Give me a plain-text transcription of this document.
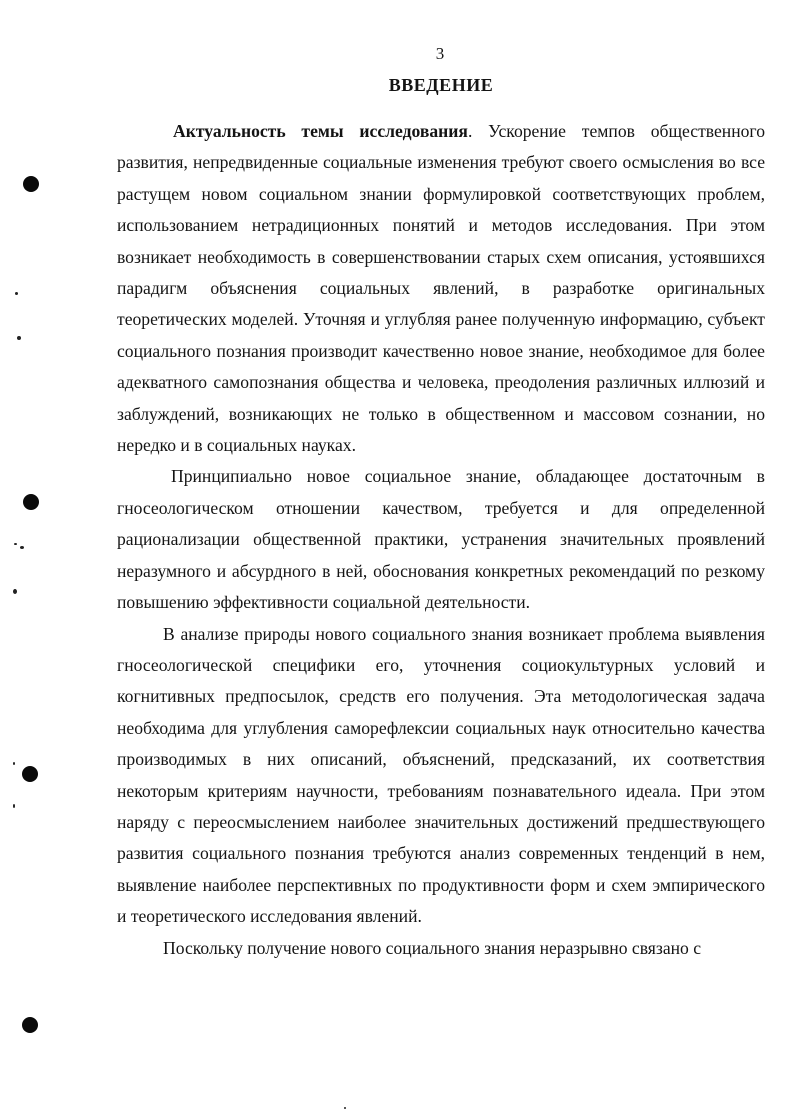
3
ВВЕДЕНИЕ

Актуальность темы исследования. Ускорение темпов общественного развития, непредвиденные социальные изменения требуют своего осмысления во все растущем новом социальном знании формулировкой соответствующих проблем, использованием нетрадиционных понятий и методов исследования. При этом возникает необходимость в совершенствовании старых схем описания, устоявшихся парадигм объяснения социальных явлений, в разработке оригинальных теоретических моделей. Уточняя и углубляя ранее полученную информацию, субъект социального познания производит качественно новое знание, необходимое для более адекватного самопознания общества и человека, преодоления различных иллюзий и заблуждений, возникающих не только в общественном и массовом сознании, но нередко и в социальных науках.

Принципиально новое социальное знание, обладающее достаточным в гносеологическом отношении качеством, требуется и для определенной рационализации общественной практики, устранения значительных проявлений неразумного и абсурдного в ней, обоснования конкретных рекомендаций по резкому повышению эффективности социальной деятельности.

В анализе природы нового социального знания возникает проблема выявления гносеологической специфики его, уточнения социокультурных условий и когнитивных предпосылок, средств его получения. Эта методологическая задача необходима для углубления саморефлексии социальных наук относительно качества производимых в них описаний, объяснений, предсказаний, их соответствия некоторым критериям научности, требованиям познавательного идеала. При этом наряду с переосмыслением наиболее значительных достижений предшествующего развития социального познания требуются анализ современных тенденций в нем, выявление наиболее перспективных по продуктивности форм и схем эмпирического и теоретического исследования явлений.

Поскольку получение нового социального знания неразрывно связано с
